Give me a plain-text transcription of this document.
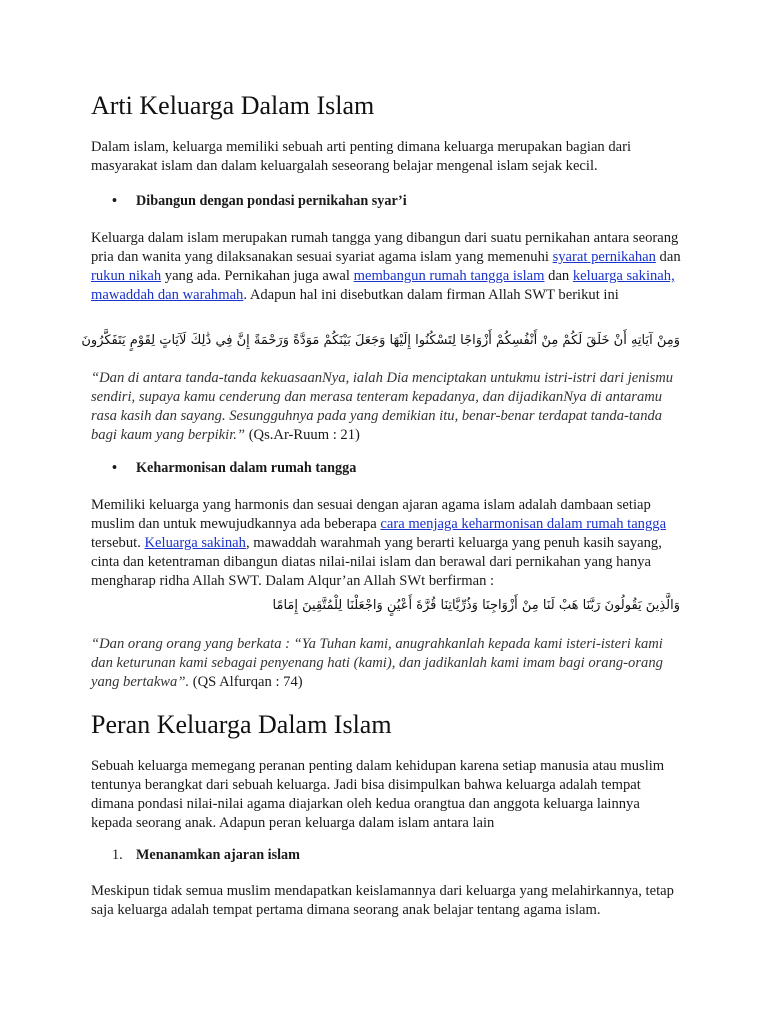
Arti Keluarga Dalam Islam

Dalam islam, keluarga memiliki sebuah arti penting dimana keluarga merupakan bagian dari masyarakat islam dan dalam keluargalah seseorang belajar mengenal islam sejak kecil.

• Dibangun dengan pondasi pernikahan syar’i

Keluarga dalam islam merupakan rumah tangga yang dibangun dari suatu pernikahan antara seorang pria dan wanita yang dilaksanakan sesuai syariat agama islam yang memenuhi syarat pernikahan dan rukun nikah yang ada. Pernikahan juga awal membangun rumah tangga islam dan keluarga sakinah, mawaddah dan warahmah. Adapun hal ini disebutkan dalam firman Allah SWT berikut ini

وَمِنْ آيَاتِهِ أَنْ خَلَقَ لَكُمْ مِنْ أَنْفُسِكُمْ أَزْوَاجًا لِتَسْكُنُوا إِلَيْهَا وَجَعَلَ بَيْنَكُمْ مَوَدَّةً وَرَحْمَةً إِنَّ فِي ذَٰلِكَ لَآيَاتٍ لِقَوْمٍ يَتَفَكَّرُونَ

“Dan di antara tanda-tanda kekuasaanNya, ialah Dia menciptakan untukmu istri-istri dari jenismu sendiri, supaya kamu cenderung dan merasa tenteram kepadanya, dan dijadikanNya di antaramu rasa kasih dan sayang. Sesungguhnya pada yang demikian itu, benar-benar terdapat tanda-tanda bagi kaum yang berpikir.” (Qs.Ar-Ruum : 21)

• Keharmonisan dalam rumah tangga

Memiliki keluarga yang harmonis dan sesuai dengan ajaran agama islam adalah dambaan setiap muslim dan untuk mewujudkannya ada beberapa cara menjaga keharmonisan dalam rumah tangga tersebut. Keluarga sakinah, mawaddah warahmah yang berarti keluarga yang penuh kasih sayang, cinta dan ketentraman dibangun diatas nilai-nilai islam dan berawal dari pernikahan yang hanya mengharap ridha Allah SWT. Dalam Alqur’an Allah SWt berfirman :

وَالَّذِينَ يَقُولُونَ رَبَّنَا هَبْ لَنَا مِنْ أَزْوَاجِنَا وَذُرِّيَّاتِنَا قُرَّةَ أَعْيُنٍ وَاجْعَلْنَا لِلْمُتَّقِينَ إِمَامًا

“Dan orang orang yang berkata : “Ya Tuhan kami, anugrahkanlah kepada kami isteri-isteri kami dan keturunan kami sebagai penyenang hati (kami), dan jadikanlah kami imam bagi orang-orang yang bertakwa”. (QS Alfurqan : 74)

Peran Keluarga Dalam Islam

Sebuah keluarga memegang peranan penting dalam kehidupan karena setiap manusia atau muslim tentunya berangkat dari sebuah keluarga. Jadi bisa disimpulkan bahwa keluarga adalah tempat dimana pondasi nilai-nilai agama diajarkan oleh kedua orangtua dan anggota keluarga lainnya kepada seorang anak. Adapun peran keluarga dalam islam antara lain

1. Menanamkan ajaran islam

Meskipun tidak semua muslim mendapatkan keislamannya dari keluarga yang melahirkannya, tetap saja keluarga adalah tempat pertama dimana seorang anak belajar tentang agama islam.
